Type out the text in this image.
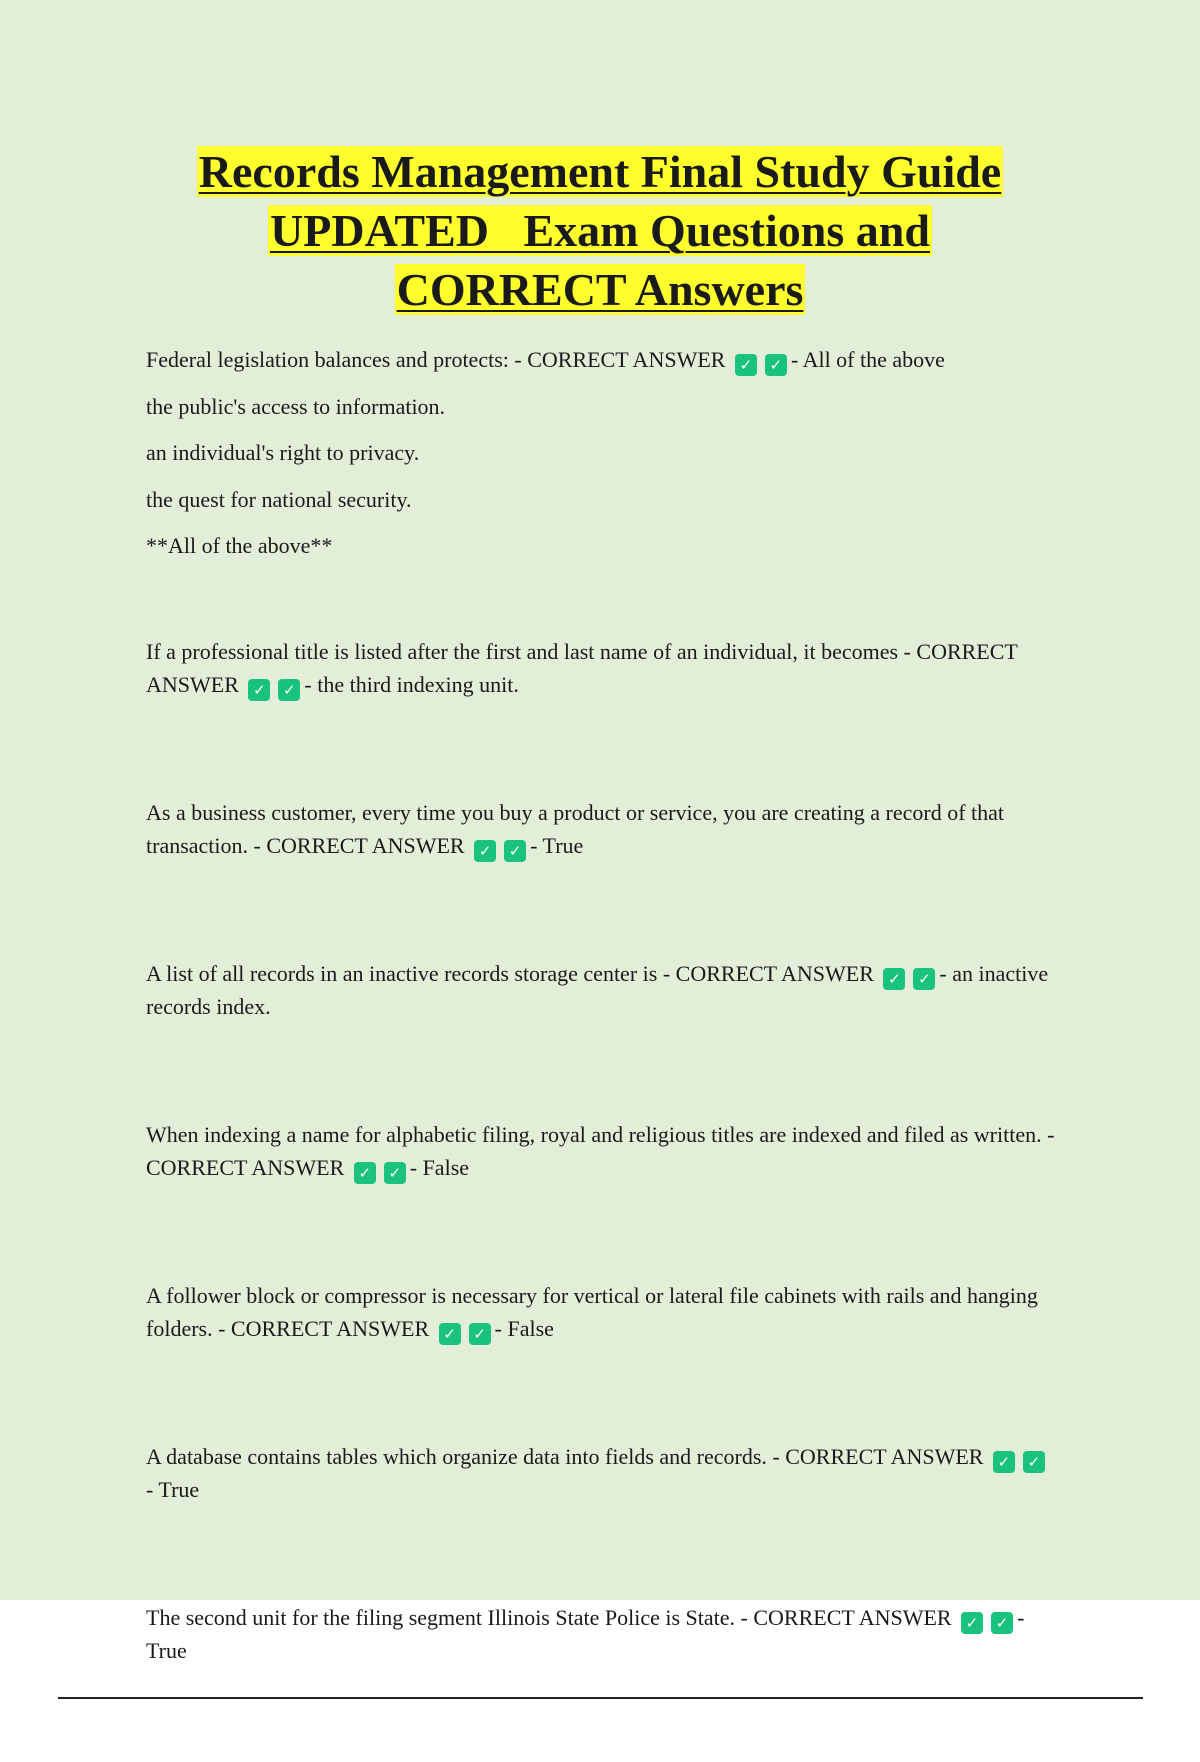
Records Management Final Study Guide
UPDATED   Exam Questions and
CORRECT Answers

Federal legislation balances and protects: - CORRECT ANSWER ✓ ✓ - All of the above

the public's access to information.

an individual's right to privacy.

the quest for national security.

**All of the above**

If a professional title is listed after the first and last name of an individual, it becomes - CORRECT ANSWER ✓ ✓ - the third indexing unit.

As a business customer, every time you buy a product or service, you are creating a record of that transaction. - CORRECT ANSWER ✓ ✓ - True

A list of all records in an inactive records storage center is - CORRECT ANSWER ✓ ✓ - an inactive records index.

When indexing a name for alphabetic filing, royal and religious titles are indexed and filed as written. - CORRECT ANSWER ✓ ✓ - False

A follower block or compressor is necessary for vertical or lateral file cabinets with rails and hanging folders. - CORRECT ANSWER ✓ ✓ - False

A database contains tables which organize data into fields and records. - CORRECT ANSWER ✓ ✓- True

The second unit for the filing segment Illinois State Police is State. - CORRECT ANSWER ✓ ✓ - True
